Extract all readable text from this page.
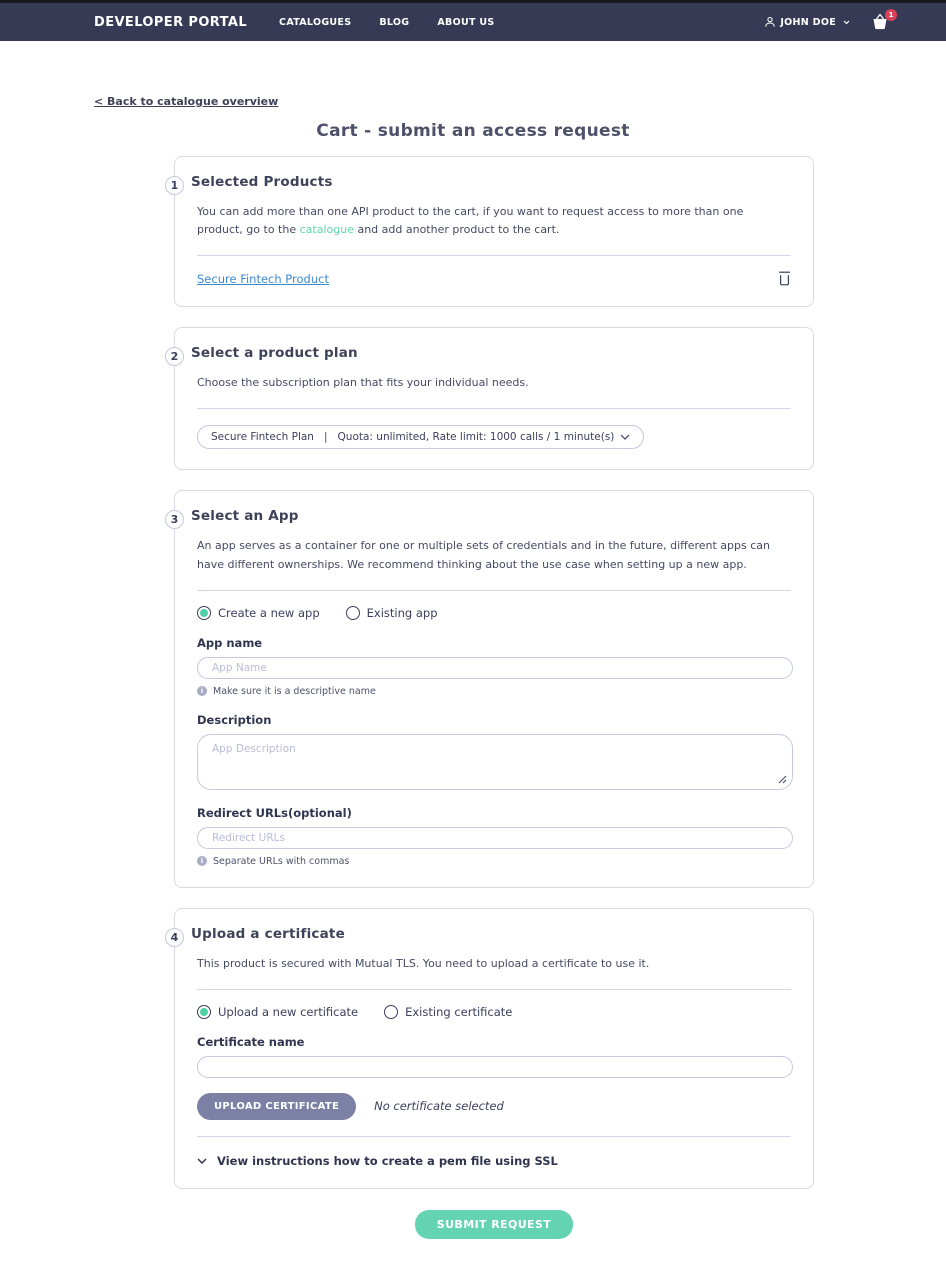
DEVELOPER PORTAL	CATALOGUES	BLOG	ABOUT US	JOHN DOE
1
< Back to catalogue overview
Cart - submit an access request
1 Selected Products

You can add more than one API product to the cart, if you want to request access to more than one product, go to the catalogue and add another product to the cart.

Secure Fintech Product
2 Select a product plan

Choose the subscription plan that fits your individual needs.

Secure Fintech Plan   |   Quota: unlimited, Rate limit: 1000 calls / 1 minute(s)
3 Select an App

An app serves as a container for one or multiple sets of credentials and in the future, different apps can have different ownerships. We recommend thinking about the use case when setting up a new app.

Create a new app	Existing app
App name
App Name
i	Make sure it is a descriptive name
Description
App Description
Redirect URLs(optional)
Redirect URLs
i	Separate URLs with commas
4 Upload a certificate

This product is secured with Mutual TLS. You need to upload a certificate to use it.

Upload a new certificate	Existing certificate
Certificate name
UPLOAD CERTIFICATE	No certificate selected
View instructions how to create a pem file using SSL
SUBMIT REQUEST
